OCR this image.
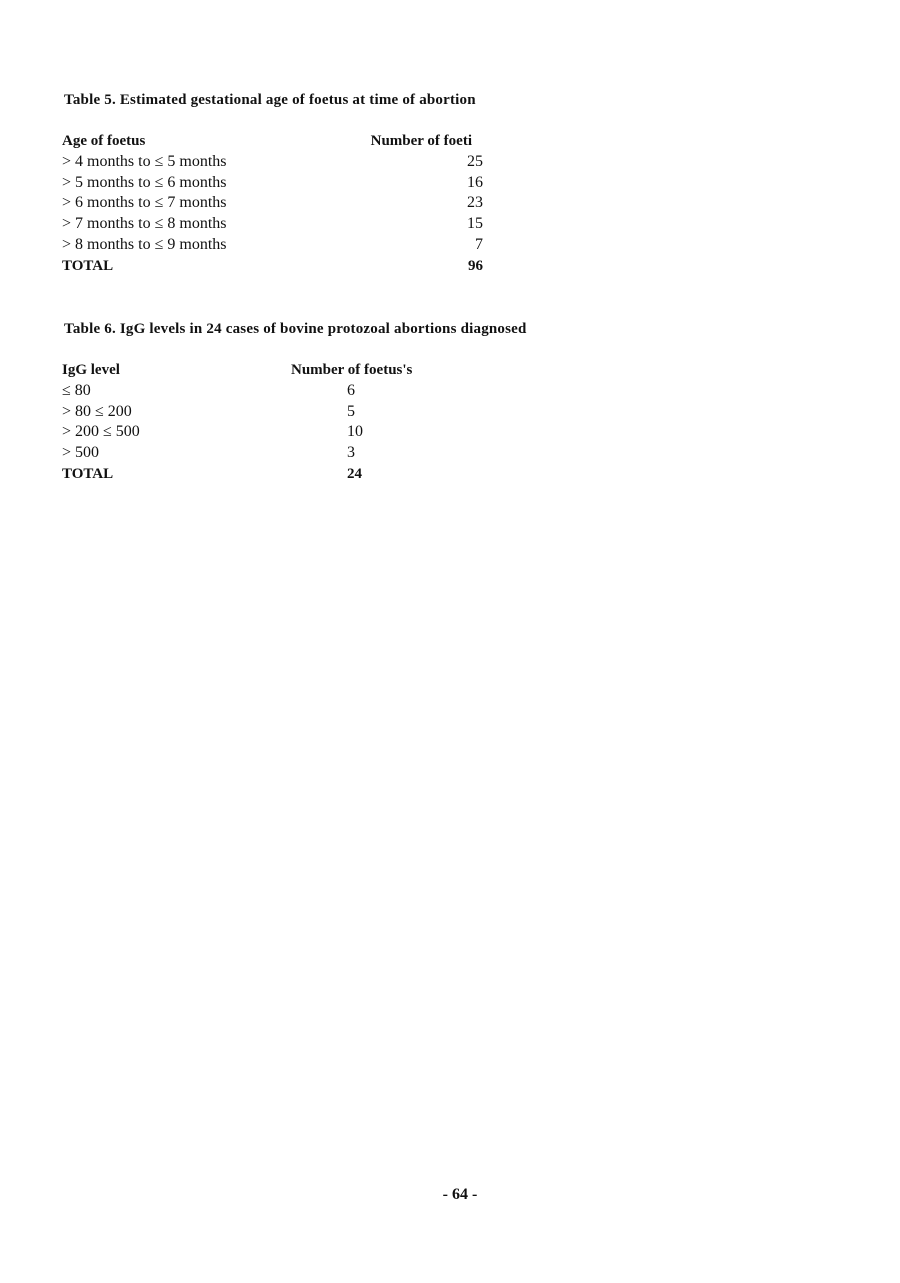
Table 5. Estimated gestational age of foetus at time of abortion
Age of foetus	Number of foeti
> 4 months to ≤ 5 months	25
> 5 months to ≤ 6 months	16
> 6 months to ≤ 7 months	23
> 7 months to ≤ 8 months	15
> 8 months to ≤ 9 months	7
TOTAL	96
Table 6. IgG levels in 24 cases of bovine protozoal abortions diagnosed
IgG level	Number of foetus's
≤ 80	6
> 80 ≤ 200	5
> 200 ≤ 500	10
> 500	3
TOTAL	24
- 64 -
